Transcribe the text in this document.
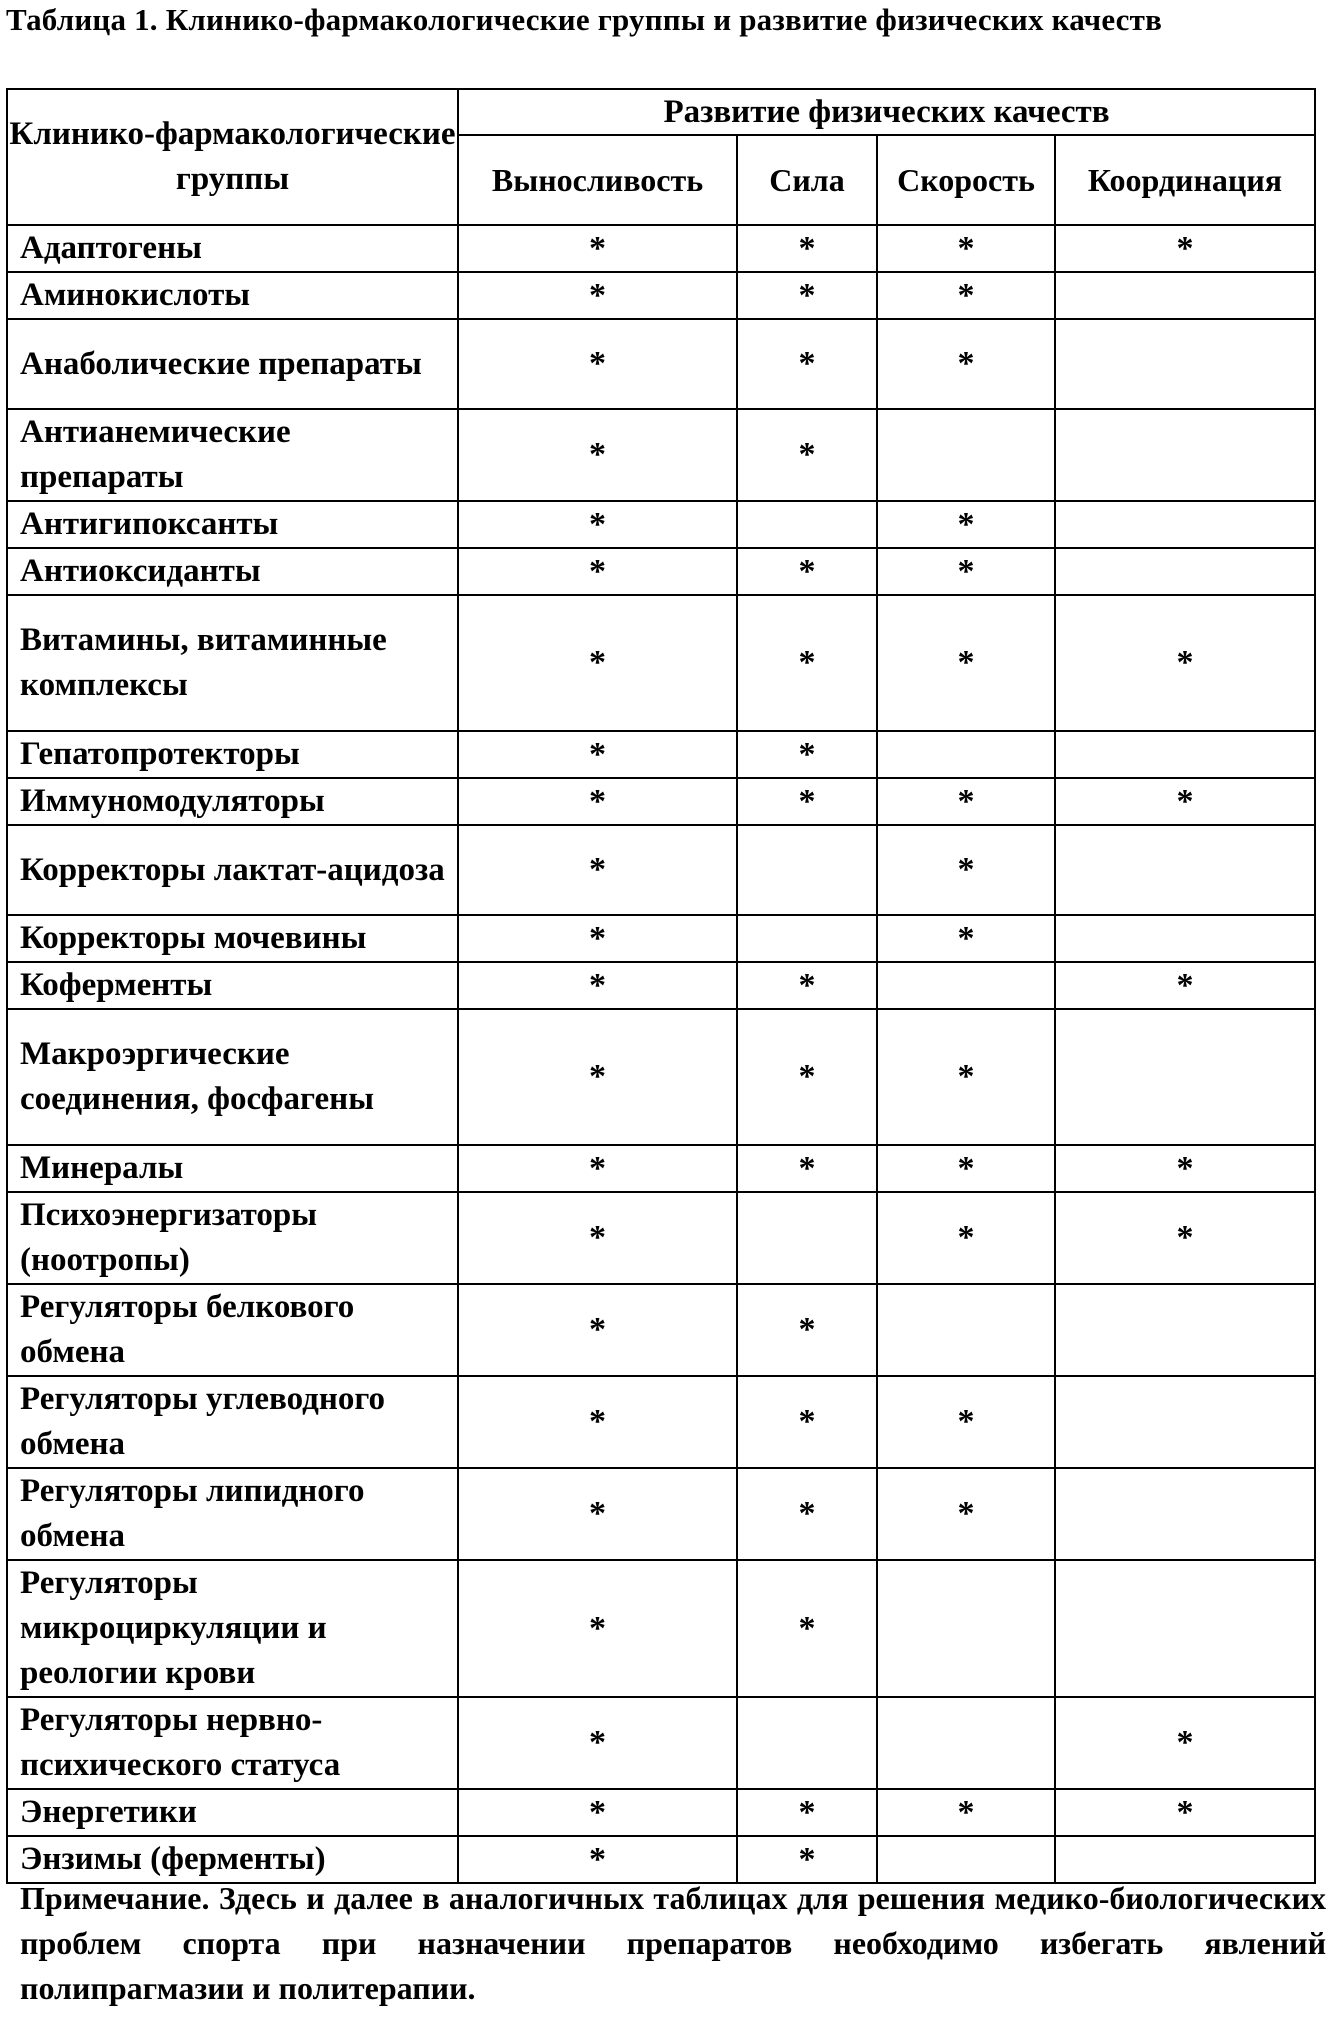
Таблица 1. Клинико-фармакологические группы и развитие физических качеств
Клинико-фармакологические группы	Развитие физических качеств			
	Выносливость	Сила	Скорость	Координация
Адаптогены	*	*	*	*
Аминокислоты	*	*	*	
Анаболические препараты	*	*	*	
Антианемические препараты	*	*		
Антигипоксанты	*		*	
Антиоксиданты	*	*	*	
Витамины, витаминные комплексы	*	*	*	*
Гепатопротекторы	*	*		
Иммуномодуляторы	*	*	*	*
Корректоры лактат-ацидоза	*		*	
Корректоры мочевины	*		*	
Коферменты	*	*		*
Макроэргические соединения, фосфагены	*	*	*	
Минералы	*	*	*	*
Психоэнергизаторы (ноотропы)	*		*	*
Регуляторы белкового обмена	*	*		
Регуляторы углеводного обмена	*	*	*	
Регуляторы липидного обмена	*	*	*	
Регуляторы микроциркуляции и реологии крови	*	*		
Регуляторы нервно-психического статуса	*			*
Энергетики	*	*	*	*
Энзимы (ферменты)	*	*		
Примечание. Здесь и далее в аналогичных таблицах для решения медико-биологических проблем спорта при назначении препаратов необходимо избегать явлений полипрагмазии и политерапии.
